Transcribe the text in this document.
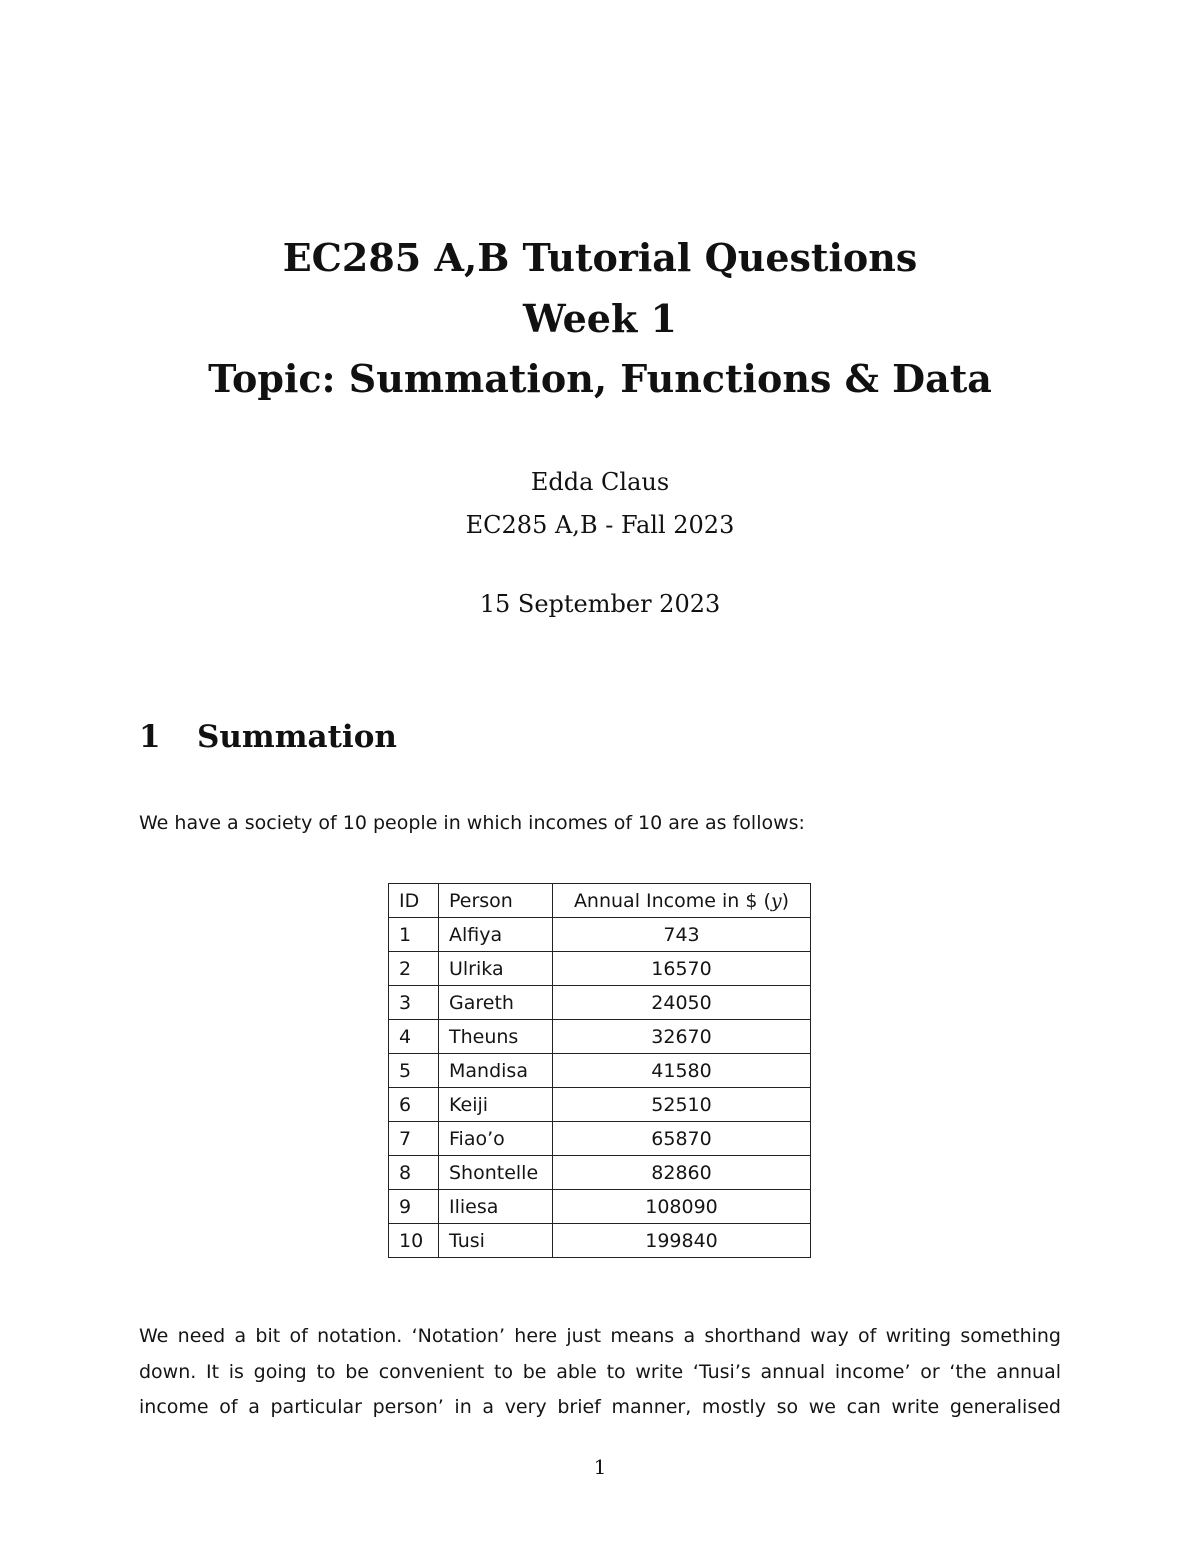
EC285 A,B Tutorial Questions
Week 1
Topic: Summation, Functions & Data
Edda Claus
EC285 A,B - Fall 2023
15 September 2023
1 Summation
We have a society of 10 people in which incomes of 10 are as follows:
ID	Person	Annual Income in $ (y)
1	Alfiya	743
2	Ulrika	16570
3	Gareth	24050
4	Theuns	32670
5	Mandisa	41580
6	Keiji	52510
7	Fiao’o	65870
8	Shontelle	82860
9	Iliesa	108090
10	Tusi	199840
We need a bit of notation. ‘Notation’ here just means a shorthand way of writing something
down. It is going to be convenient to be able to write ‘Tusi’s annual income’ or ‘the annual
income of a particular person’ in a very brief manner, mostly so we can write generalised
1
